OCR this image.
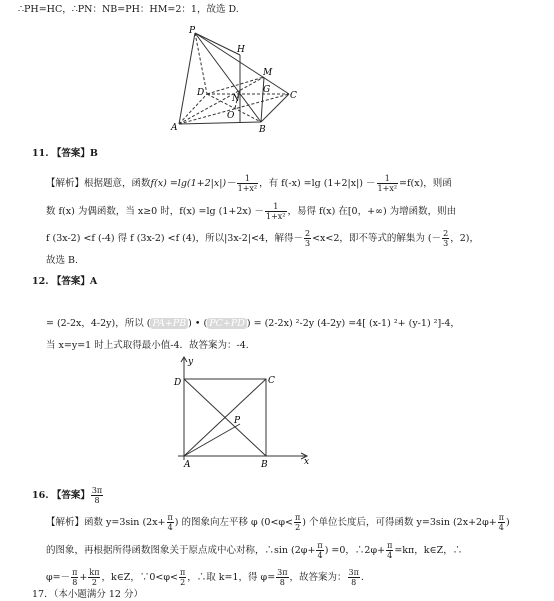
∴PH=HC，∴PN：NB=PH：HM=2：1，故选 D.
P
H
M
D
N
G
C
O
A	B
11. 【答案】B
【解析】根据题意，函数$f(x) =\lg(1+2|x|)- \frac{1}{\text{1+x²}}$ ，有 f(-x) =lg $(1+2|x|) - \frac{1}{\text{1+x²}} =f(x)$，则函
数 f(x) 为偶函数，当 x≥0 时，f(x) =lg $(1+2x) - \frac{1}{\text{1+x²}}$ ，易得 f(x) 在[0，+∞) 为增函数，则由
f (3x-2) <f (-4) 得 f (3x-2) <f (4)，所以|3x-2|<4，解得－ $\frac{2}{3} <x<2$，即不等式的解集为 (－ $\frac{2}{3}$ ，2)，
故选 B.
12. 【答案】A
= (2-2x，4-2y)，所以 ( PA+PB ) • ( PC+PD ) = (2-2x) ²-2y (4-2y) =4[ (x-1) ²+ (y-1) ²]-4，
当 x=y=1 时上式取得最小值-4．故答案为：-4.
y
x
D	C
P
A	B
16. 【答案】 $\frac{3\pi}{8}$
【解析】函数 y=3sin ($2x+ \frac{\pi}{4}$ ) 的图象向左平移 φ ($0<\varphi< \frac{\pi}{2}$ ) 个单位长度后，可得函数 y=3sin ($2x+2\varphi+ \frac{\pi}{4}$ )
的图象，再根据所得函数图象关于原点成中心对称，∴sin ($2\varphi+ \frac{\pi}{4}$ ) =0，∴2φ+ $\frac{\pi}{4} =k\pi$，k∈Z，∴
$\varphi=- \frac{\pi}{8} + \frac{k\pi}{2}$ ，k∈Z，∵0<φ< $\frac{\pi}{2}$ ，∴取 k=1，得 $\varphi= \frac{3\pi}{8}$ ，故答案为： $\frac{3\pi}{8}$ .
17．（本小题满分 12 分）
